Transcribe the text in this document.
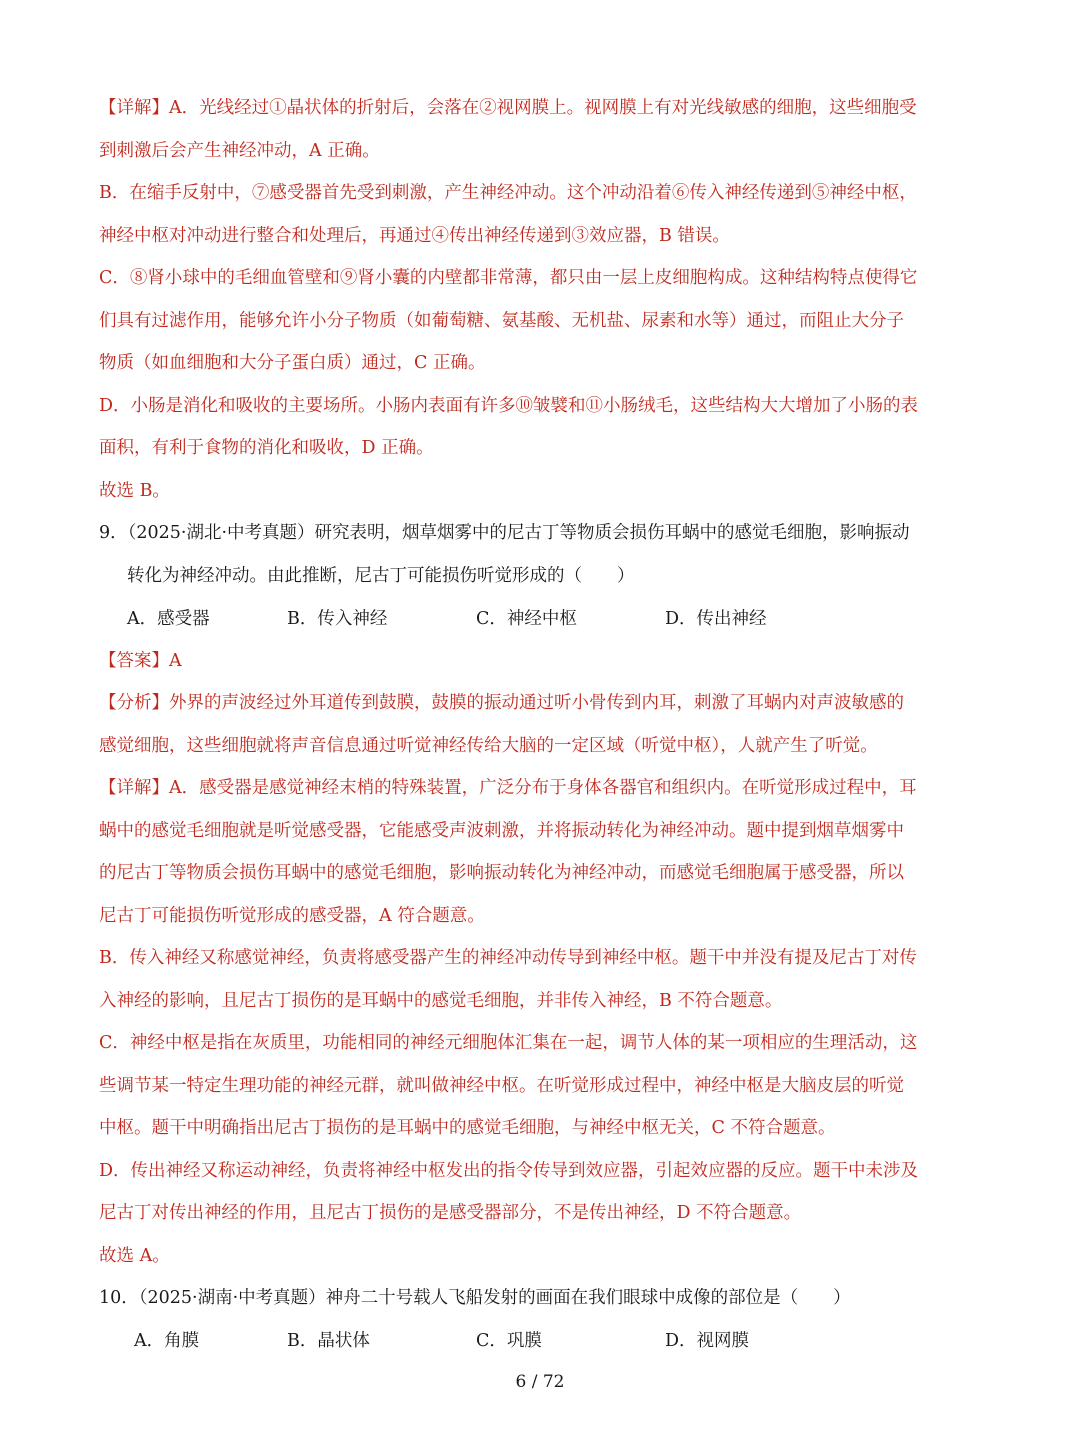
【详解】A．光线经过①晶状体的折射后，会落在②视网膜上。视网膜上有对光线敏感的细胞，这些细胞受
到刺激后会产生神经冲动，A 正确。
B．在缩手反射中，⑦感受器首先受到刺激，产生神经冲动。这个冲动沿着⑥传入神经传递到⑤神经中枢，
神经中枢对冲动进行整合和处理后，再通过④传出神经传递到③效应器，B 错误。
C．⑧肾小球中的毛细血管壁和⑨肾小囊的内壁都非常薄，都只由一层上皮细胞构成。这种结构特点使得它
们具有过滤作用，能够允许小分子物质（如葡萄糖、氨基酸、无机盐、尿素和水等）通过，而阻止大分子
物质（如血细胞和大分子蛋白质）通过，C 正确。
D．小肠是消化和吸收的主要场所。小肠内表面有许多⑩皱襞和⑪小肠绒毛，这些结构大大增加了小肠的表
面积，有利于食物的消化和吸收，D 正确。
故选 B。
9．（2025·湖北·中考真题）研究表明，烟草烟雾中的尼古丁等物质会损伤耳蜗中的感觉毛细胞，影响振动
转化为神经冲动。由此推断，尼古丁可能损伤听觉形成的（　　）
A．感受器	B．传入神经	C．神经中枢	D．传出神经
【答案】A
【分析】外界的声波经过外耳道传到鼓膜，鼓膜的振动通过听小骨传到内耳，刺激了耳蜗内对声波敏感的
感觉细胞，这些细胞就将声音信息通过听觉神经传给大脑的一定区域（听觉中枢），人就产生了听觉。
【详解】A．感受器是感觉神经末梢的特殊装置，广泛分布于身体各器官和组织内。在听觉形成过程中，耳
蜗中的感觉毛细胞就是听觉感受器，它能感受声波刺激，并将振动转化为神经冲动。题中提到烟草烟雾中
的尼古丁等物质会损伤耳蜗中的感觉毛细胞，影响振动转化为神经冲动，而感觉毛细胞属于感受器，所以
尼古丁可能损伤听觉形成的感受器，A 符合题意。
B．传入神经又称感觉神经，负责将感受器产生的神经冲动传导到神经中枢。题干中并没有提及尼古丁对传
入神经的影响，且尼古丁损伤的是耳蜗中的感觉毛细胞，并非传入神经，B 不符合题意。
C．神经中枢是指在灰质里，功能相同的神经元细胞体汇集在一起，调节人体的某一项相应的生理活动，这
些调节某一特定生理功能的神经元群，就叫做神经中枢。在听觉形成过程中，神经中枢是大脑皮层的听觉
中枢。题干中明确指出尼古丁损伤的是耳蜗中的感觉毛细胞，与神经中枢无关，C 不符合题意。
D．传出神经又称运动神经，负责将神经中枢发出的指令传导到效应器，引起效应器的反应。题干中未涉及
尼古丁对传出神经的作用，且尼古丁损伤的是感受器部分，不是传出神经，D 不符合题意。
故选 A。
10．（2025·湖南·中考真题）神舟二十号载人飞船发射的画面在我们眼球中成像的部位是（　　）
A．角膜	B．晶状体	C．巩膜	D．视网膜
6 / 72
